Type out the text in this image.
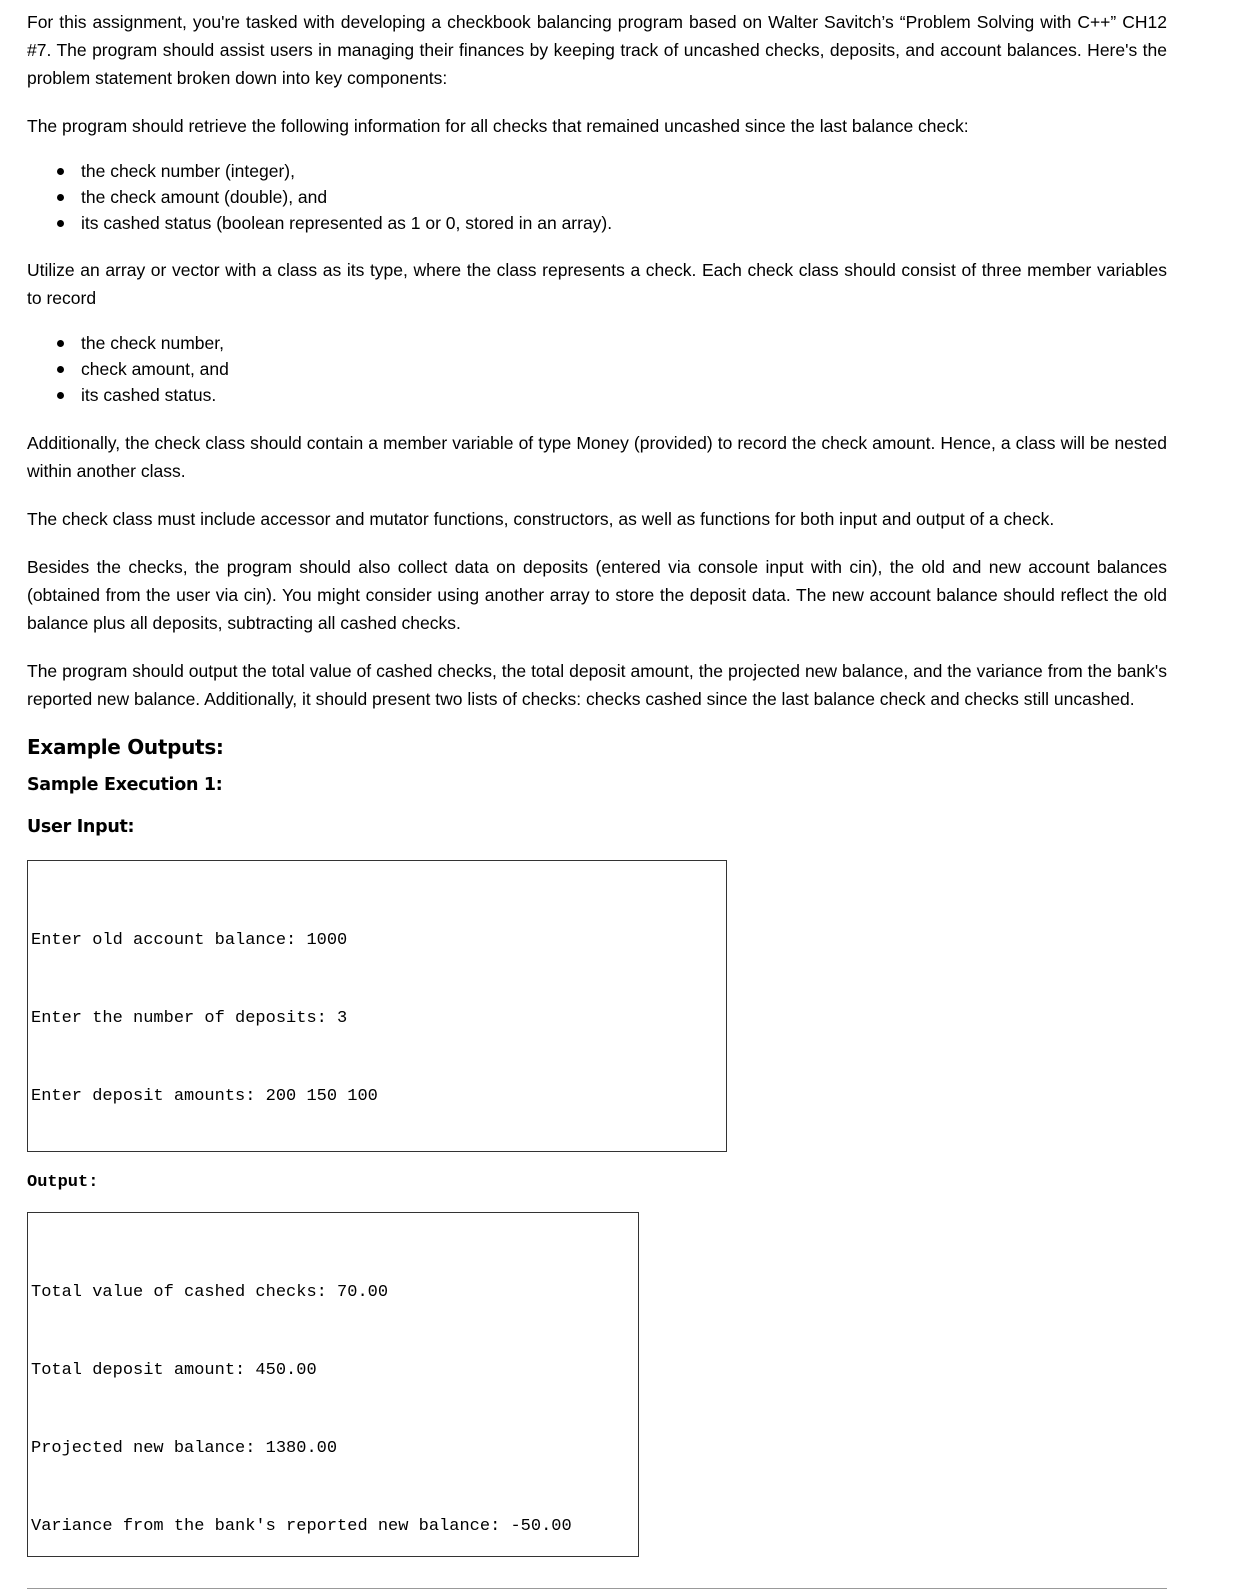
For this assignment, you're tasked with developing a checkbook balancing program based on Walter Savitch’s “Problem Solving with C++” CH12 #7. The program should assist users in managing their finances by keeping track of uncashed checks, deposits, and account balances. Here's the problem statement broken down into key components:

The program should retrieve the following information for all checks that remained uncashed since the last balance check:

the check number (integer),
the check amount (double), and
its cashed status (boolean represented as 1 or 0, stored in an array).

Utilize an array or vector with a class as its type, where the class represents a check. Each check class should consist of three member variables to record

the check number,
check amount, and
its cashed status.

Additionally, the check class should contain a member variable of type Money (provided) to record the check amount. Hence, a class will be nested within another class.

The check class must include accessor and mutator functions, constructors, as well as functions for both input and output of a check.

Besides the checks, the program should also collect data on deposits (entered via console input with cin), the old and new account balances (obtained from the user via cin). You might consider using another array to store the deposit data. The new account balance should reflect the old balance plus all deposits, subtracting all cashed checks.

The program should output the total value of cashed checks, the total deposit amount, the projected new balance, and the variance from the bank's reported new balance. Additionally, it should present two lists of checks: checks cashed since the last balance check and checks still uncashed.

Example Outputs:
Sample Execution 1:
User Input:

Enter old account balance: 1000

Enter the number of deposits: 3

Enter deposit amounts: 200 150 100

Output:

Total value of cashed checks: 70.00

Total deposit amount: 450.00

Projected new balance: 1380.00

Variance from the bank's reported new balance: -50.00
